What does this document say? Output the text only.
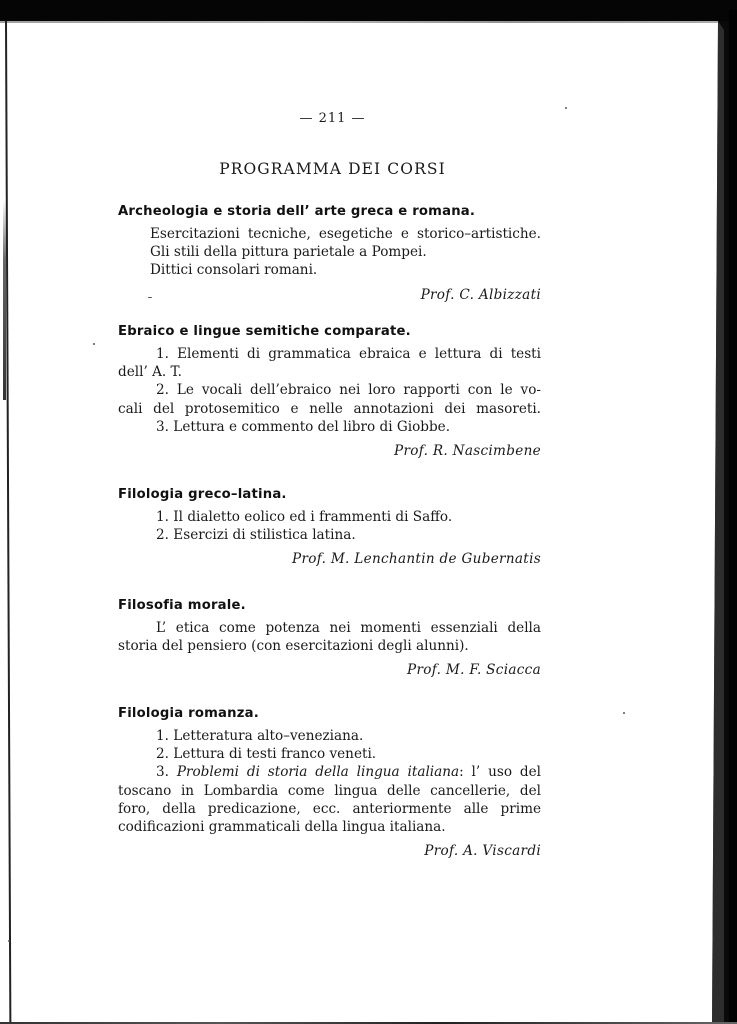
— 211 —
PROGRAMMA DEI CORSI

Archeologia e storia dell’ arte greca e romana.

Esercitazioni tecniche, esegetiche e storico–artistiche.

Gli stili della pittura parietale a Pompei.

Dittici consolari romani.

Prof. C. Albizzati

Ebraico e lingue semitiche comparate.

1. Elementi di grammatica ebraica e lettura di testi

dell’ A. T.

2. Le vocali dell’ebraico nei loro rapporti con le vo-

cali del protosemitico e nelle annotazioni dei masoreti.

3. Lettura e commento del libro di Giobbe.

Prof. R. Nascimbene

Filologia greco–latina.

1. Il dialetto eolico ed i frammenti di Saffo.

2. Esercizi di stilistica latina.

Prof. M. Lenchantin de Gubernatis

Filosofia morale.

L’ etica come potenza nei momenti essenziali della

storia del pensiero (con esercitazioni degli alunni).

Prof. M. F. Sciacca

Filologia romanza.

1. Letteratura alto–veneziana.

2. Lettura di testi franco veneti.

3. Problemi di storia della lingua italiana: l’ uso del

toscano in Lombardia come lingua delle cancellerie, del

foro, della predicazione, ecc. anteriormente alle prime

codificazioni grammaticali della lingua italiana.

Prof. A. Viscardi
